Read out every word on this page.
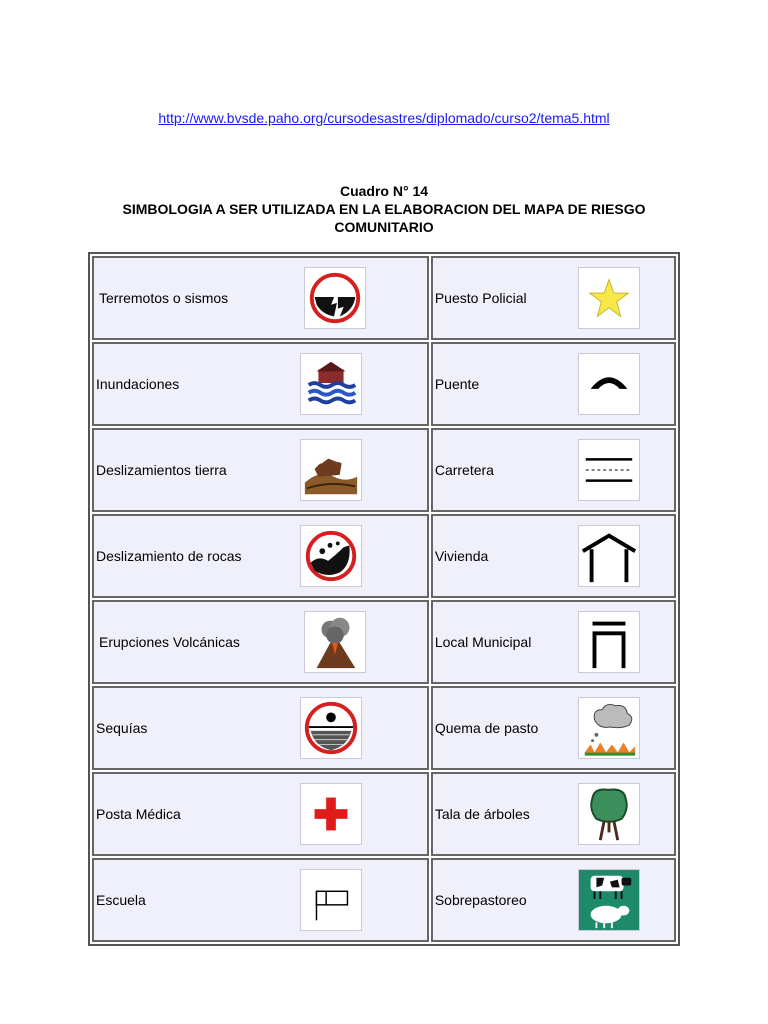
http://www.bvsde.paho.org/cursodesastres/diplomado/curso2/tema5.html
Cuadro N° 14
SIMBOLOGIA A SER UTILIZADA EN LA ELABORACION DEL MAPA DE RIESGO
COMUNITARIO
Terremotos o sismos	Puesto Policial

Inundaciones	Puente

Deslizamientos tierra	Carretera

Deslizamiento de rocas	Vivienda

Erupciones Volcánicas	Local Municipal

Sequías	Quema de pasto

Posta Médica	Tala de árboles

Escuela	Sobrepastoreo
